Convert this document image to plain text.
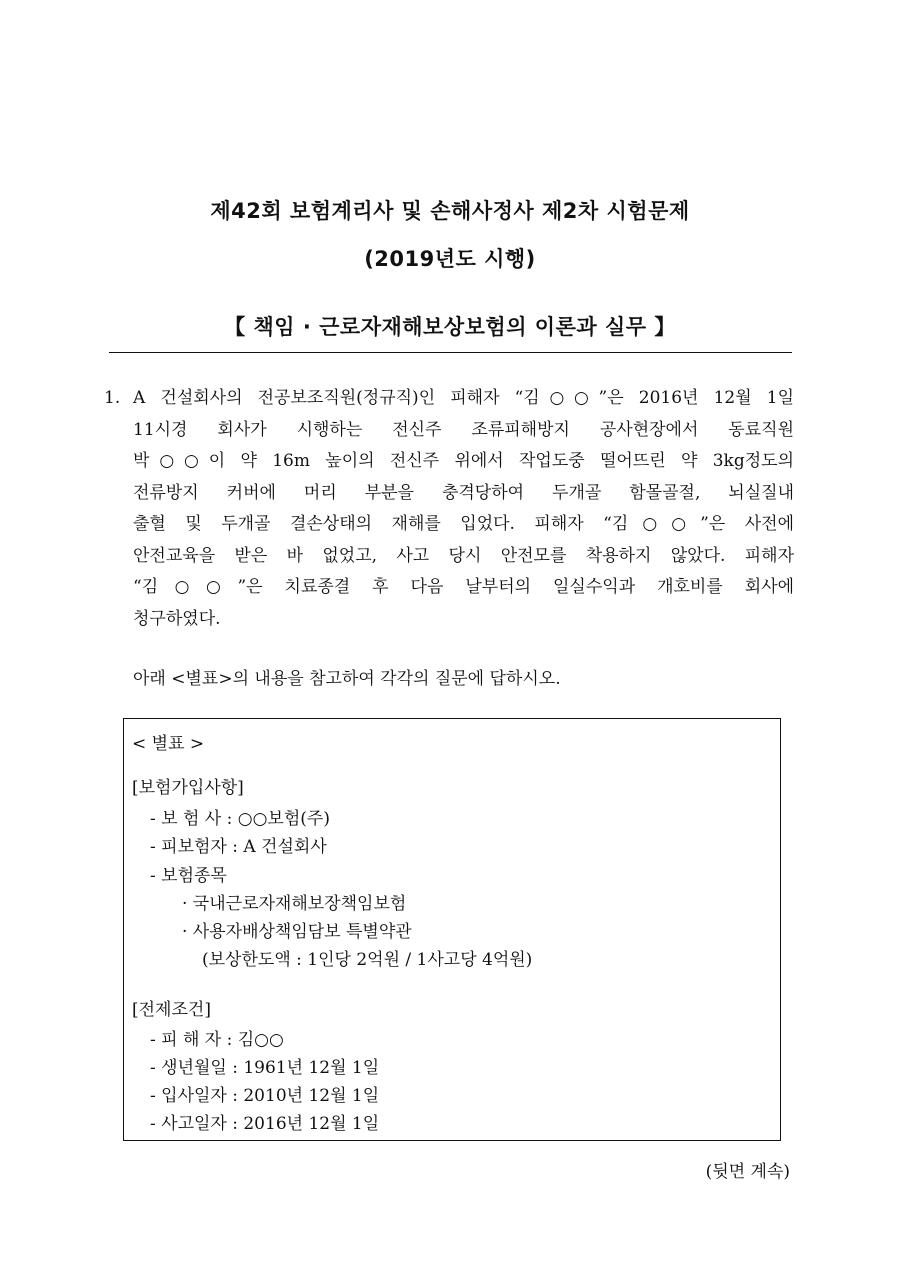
제42회 보험계리사 및 손해사정사 제2차 시험문제
(2019년도 시행)
【 책임 · 근로자재해보상보험의 이론과 실무 】
1. A 건설회사의 전공보조직원(정규직)인 피해자 “김○○”은 2016년 12월 1일
11시경 회사가 시행하는 전신주 조류피해방지 공사현장에서 동료직원
박○○이 약 16m 높이의 전신주 위에서 작업도중 떨어뜨린 약 3kg정도의
전류방지 커버에 머리 부분을 충격당하여 두개골 함몰골절, 뇌실질내
출혈 및 두개골 결손상태의 재해를 입었다. 피해자 “김○○”은 사전에
안전교육을 받은 바 없었고, 사고 당시 안전모를 착용하지 않았다. 피해자
“김○○”은 치료종결 후 다음 날부터의 일실수익과 개호비를 회사에
청구하였다.
아래 <별표>의 내용을 참고하여 각각의 질문에 답하시오.
< 별표 >
[보험가입사항]
- 보 험 사 : ○○보험(주)
- 피보험자 : A 건설회사
- 보험종목
· 국내근로자재해보장책임보험
· 사용자배상책임담보 특별약관
(보상한도액 : 1인당 2억원 / 1사고당 4억원)
[전제조건]
- 피 해 자 : 김○○
- 생년월일 : 1961년 12월 1일
- 입사일자 : 2010년 12월 1일
- 사고일자 : 2016년 12월 1일
(뒷면 계속)
